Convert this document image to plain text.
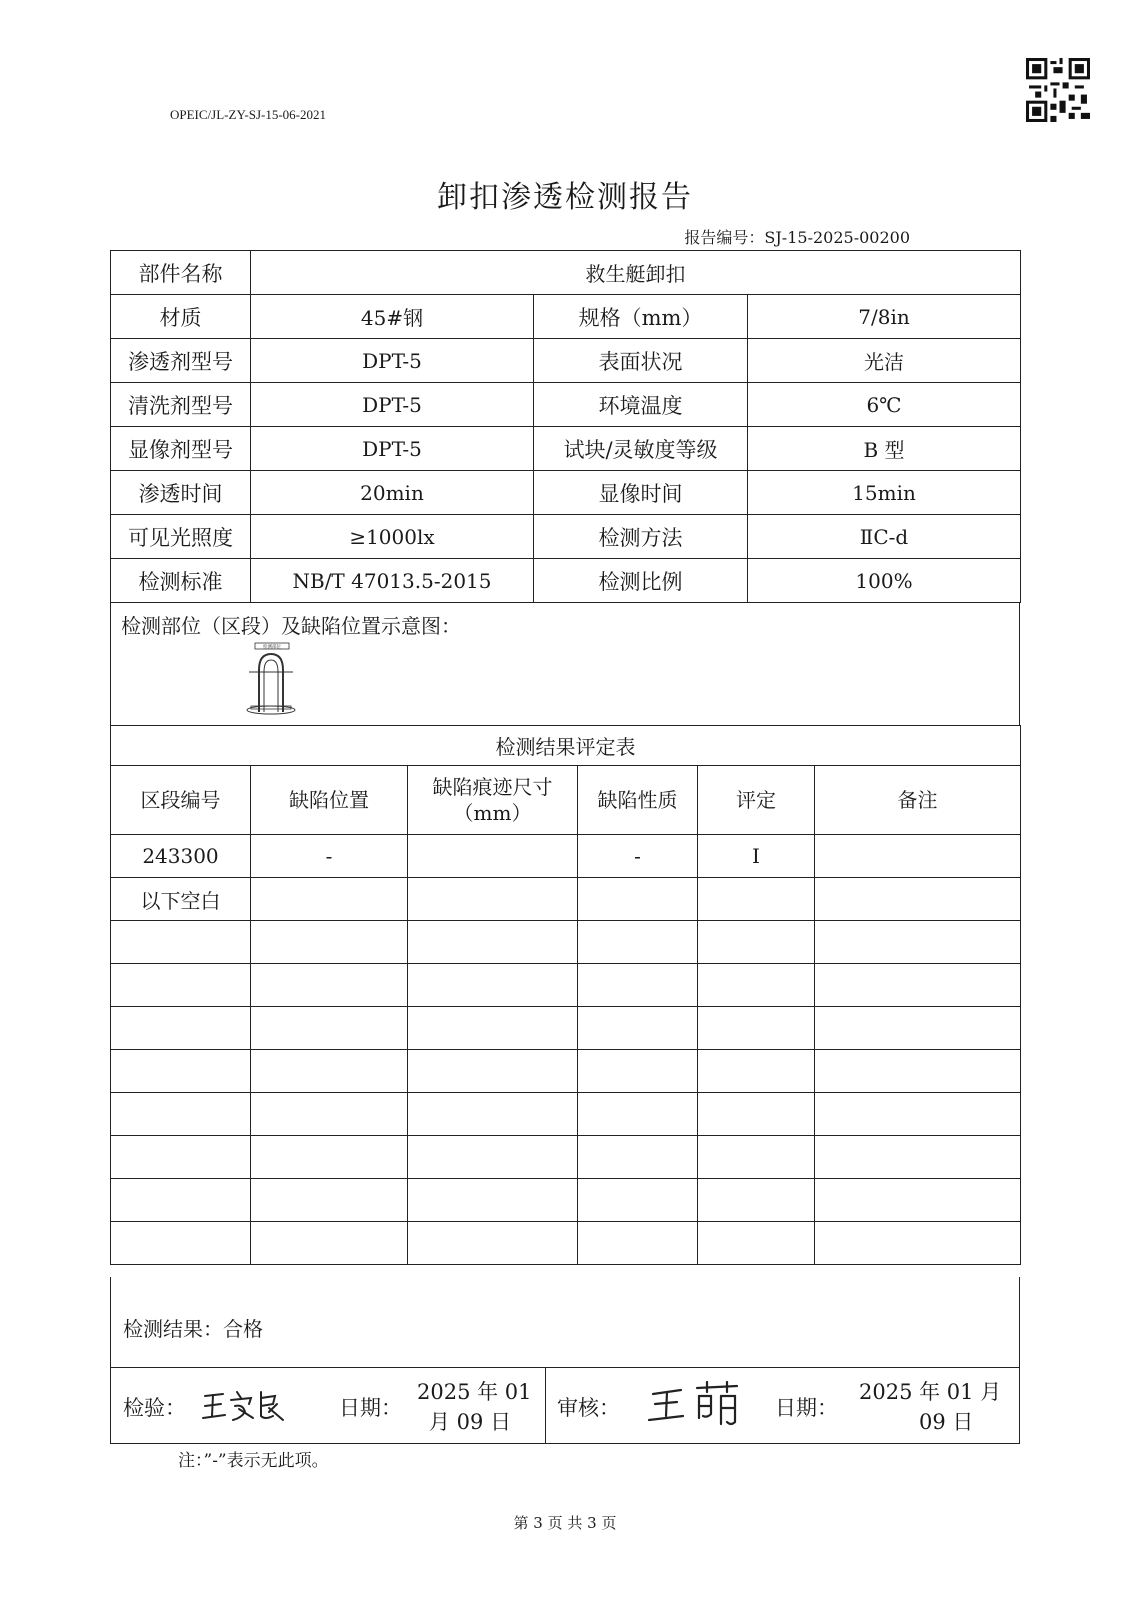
OPEIC/JL-ZY-SJ-15-06-2021
卸扣渗透检测报告
报告编号：SJ-15-2025-00200
部件名称	救生艇卸扣		
材质	45#钢	规格（mm）	7/8in
渗透剂型号	DPT-5	表面状况	光洁
清洗剂型号	DPT-5	环境温度	6℃
显像剂型号	DPT-5	试块/灵敏度等级	B 型
渗透时间	20min	显像时间	15min
可见光照度	≥1000lx	检测方法	ⅡC-d
检测标准	NB/T 47013.5-2015	检测比例	100%
检测部位（区段）及缺陷位置示意图：
检测部位
检测结果评定表					
区段编号	缺陷位置	缺陷痕迹尺寸（mm）	缺陷性质	评定	备注
243300	-		-	Ⅰ	
以下空白					

检测结果：合格
检验：	日期：
2025 年 01
月 09 日
审核：	日期：
2025 年 01 月
09 日
注：”-”表示无此项。
第 3 页 共 3 页
